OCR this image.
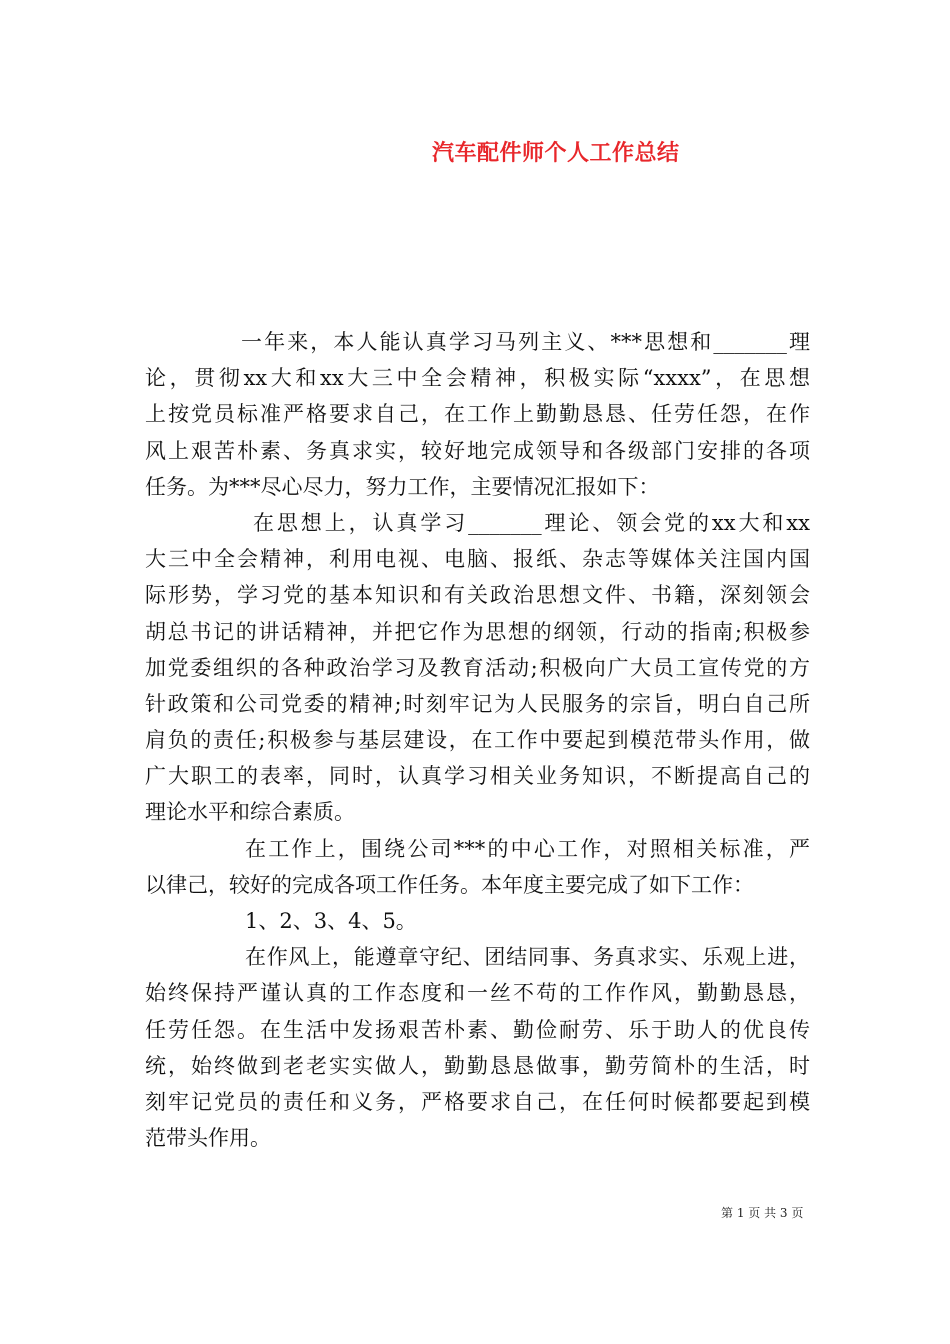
汽车配件师个人工作总结
一年来，本人能认真学习马列主义、***思想和_______理
论，贯彻xx大和xx大三中全会精神，积极实际“xxxx”，在思想
上按党员标准严格要求自己，在工作上勤勤恳恳、任劳任怨，在作
风上艰苦朴素、务真求实，较好地完成领导和各级部门安排的各项
任务。为***尽心尽力，努力工作，主要情况汇报如下：
在思想上，认真学习_______理论、领会党的xx大和xx
大三中全会精神，利用电视、电脑、报纸、杂志等媒体关注国内国
际形势，学习党的基本知识和有关政治思想文件、书籍，深刻领会
胡总书记的讲话精神，并把它作为思想的纲领，行动的指南;积极参
加党委组织的各种政治学习及教育活动;积极向广大员工宣传党的方
针政策和公司党委的精神;时刻牢记为人民服务的宗旨，明白自己所
肩负的责任;积极参与基层建设，在工作中要起到模范带头作用，做
广大职工的表率，同时，认真学习相关业务知识，不断提高自己的
理论水平和综合素质。
在工作上，围绕公司***的中心工作，对照相关标准，严
以律己，较好的完成各项工作任务。本年度主要完成了如下工作：
1、2、3、4、5。
在作风上，能遵章守纪、团结同事、务真求实、乐观上进，
始终保持严谨认真的工作态度和一丝不苟的工作作风，勤勤恳恳，
任劳任怨。在生活中发扬艰苦朴素、勤俭耐劳、乐于助人的优良传
统，始终做到老老实实做人，勤勤恳恳做事，勤劳简朴的生活，时
刻牢记党员的责任和义务，严格要求自己，在任何时候都要起到模
范带头作用。
第 1 页 共 3 页
